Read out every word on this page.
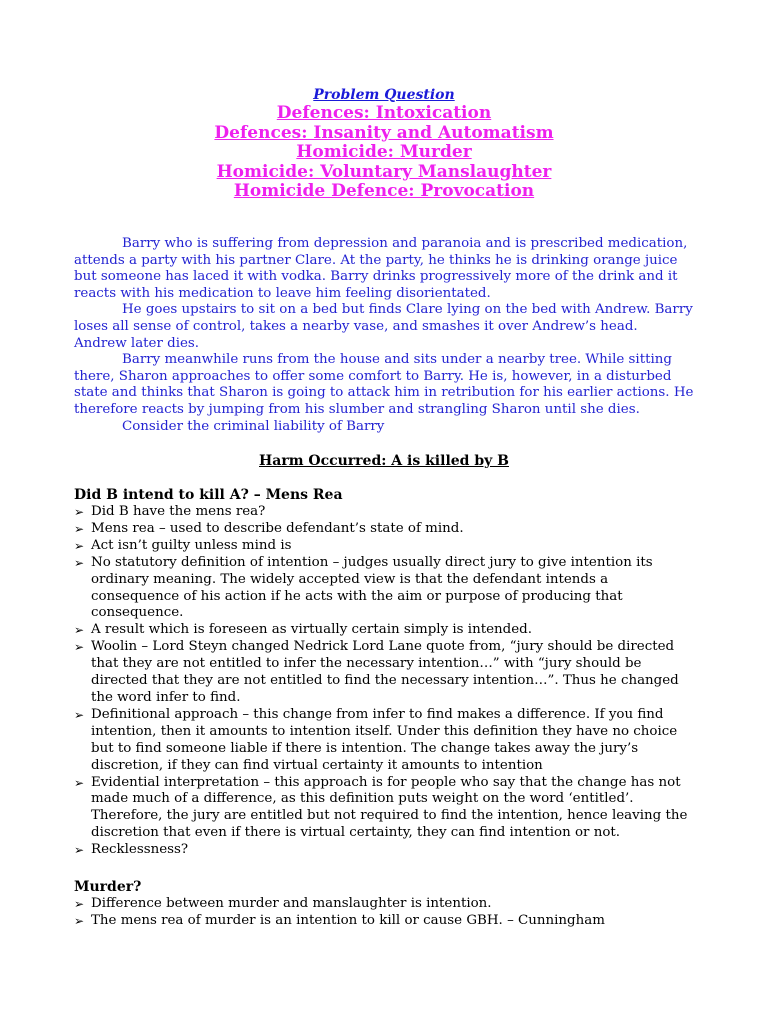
Problem Question
Defences: Intoxication
Defences: Insanity and Automatism
Homicide: Murder
Homicide: Voluntary Manslaughter
Homicide Defence: Provocation

Barry who is suffering from depression and paranoia and is prescribed medication, attends a party with his partner Clare. At the party, he thinks he is drinking orange juice but someone has laced it with vodka. Barry drinks progressively more of the drink and it reacts with his medication to leave him feeling disorientated.

He goes upstairs to sit on a bed but finds Clare lying on the bed with Andrew. Barry loses all sense of control, takes a nearby vase, and smashes it over Andrew’s head. Andrew later dies.

Barry meanwhile runs from the house and sits under a nearby tree. While sitting there, Sharon approaches to offer some comfort to Barry. He is, however, in a disturbed state and thinks that Sharon is going to attack him in retribution for his earlier actions. He therefore reacts by jumping from his slumber and strangling Sharon until she dies.

Consider the criminal liability of Barry

Harm Occurred: A is killed by B

Did B intend to kill A? – Mens Rea

➢ Did B have the mens rea?
➢ Mens rea – used to describe defendant’s state of mind.
➢ Act isn’t guilty unless mind is
➢ No statutory definition of intention – judges usually direct jury to give intention its ordinary meaning. The widely accepted view is that the defendant intends a consequence of his action if he acts with the aim or purpose of producing that consequence.
➢ A result which is foreseen as virtually certain simply is intended.
➢ Woolin – Lord Steyn changed Nedrick Lord Lane quote from, “jury should be directed that they are not entitled to infer the necessary intention…” with “jury should be directed that they are not entitled to find the necessary intention…”. Thus he changed the word infer to find.
➢ Definitional approach – this change from infer to find makes a difference. If you find intention, then it amounts to intention itself. Under this definition they have no choice but to find someone liable if there is intention. The change takes away the jury’s discretion, if they can find virtual certainty it amounts to intention
➢ Evidential interpretation – this approach is for people who say that the change has not made much of a difference, as this definition puts weight on the word ‘entitled’. Therefore, the jury are entitled but not required to find the intention, hence leaving the discretion that even if there is virtual certainty, they can find intention or not.
➢ Recklessness?

Murder?

➢ Difference between murder and manslaughter is intention.
➢ The mens rea of murder is an intention to kill or cause GBH. – Cunningham
